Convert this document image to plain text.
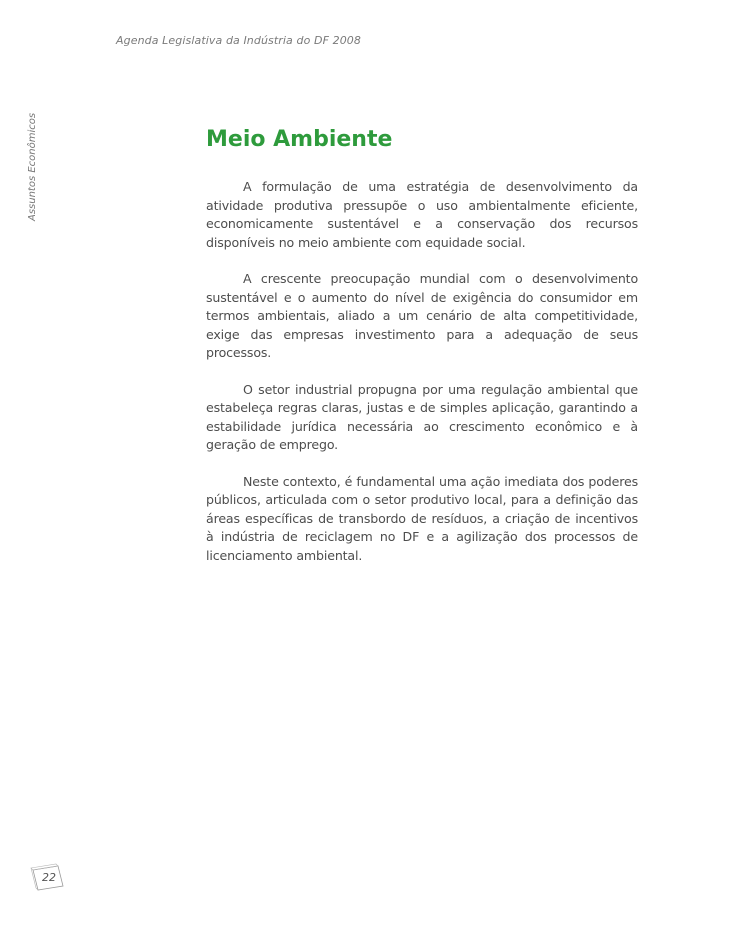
Agenda Legislativa da Indústria do DF 2008
Assuntos Econômicos	Meio Ambiente

A formulação de uma estratégia de desenvolvimento da atividade produtiva pressupõe o uso ambientalmente eficiente, economicamente sustentável e a conservação dos recursos disponíveis no meio ambiente com equidade social.

A crescente preocupação mundial com o desenvolvimento sustentável e o aumento do nível de exigência do consumidor em termos ambientais, aliado a um cenário de alta competitividade, exige das empresas investimento para a adequação de seus processos.

O setor industrial propugna por uma regulação ambiental que estabeleça regras claras, justas e de simples aplicação, garantindo a estabilidade jurídica necessária ao crescimento econômico e à geração de emprego.

Neste contexto, é fundamental uma ação imediata dos poderes públicos, articulada com o setor produtivo local, para a definição das áreas específicas de transbordo de resíduos, a criação de incentivos à indústria de reciclagem no DF e a agilização dos processos de licenciamento ambiental.

22
